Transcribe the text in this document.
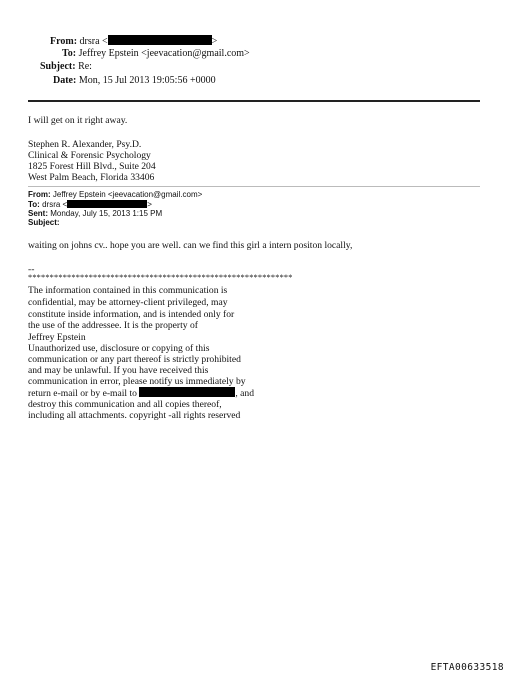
From: drsra <	>
To: Jeffrey Epstein <jeevacation@gmail.com>
Subject: Re:
Date: Mon, 15 Jul 2013 19:05:56 +0000
I will get on it right away.
Stephen R. Alexander, Psy.D.
Clinical & Forensic Psychology
1825 Forest Hill Blvd., Suite 204
West Palm Beach, Florida 33406
From: Jeffrey Epstein <jeevacation@gmail.com>
To: drsra <	>
Sent: Monday, July 15, 2013 1:15 PM
Subject:
waiting on johns cv.. hope you are well. can we find this girl a intern positon locally,
--
*************************************************************
The information contained in this communication is
confidential, may be attorney-client privileged, may
constitute inside information, and is intended only for
the use of the addressee. It is the property of
Jeffrey Epstein
Unauthorized use, disclosure or copying of this
communication or any part thereof is strictly prohibited
and may be unlawful. If you have received this
communication in error, please notify us immediately by
return e-mail or by e-mail to	, and
destroy this communication and all copies thereof,
including all attachments. copyright -all rights reserved
EFTA00633518
